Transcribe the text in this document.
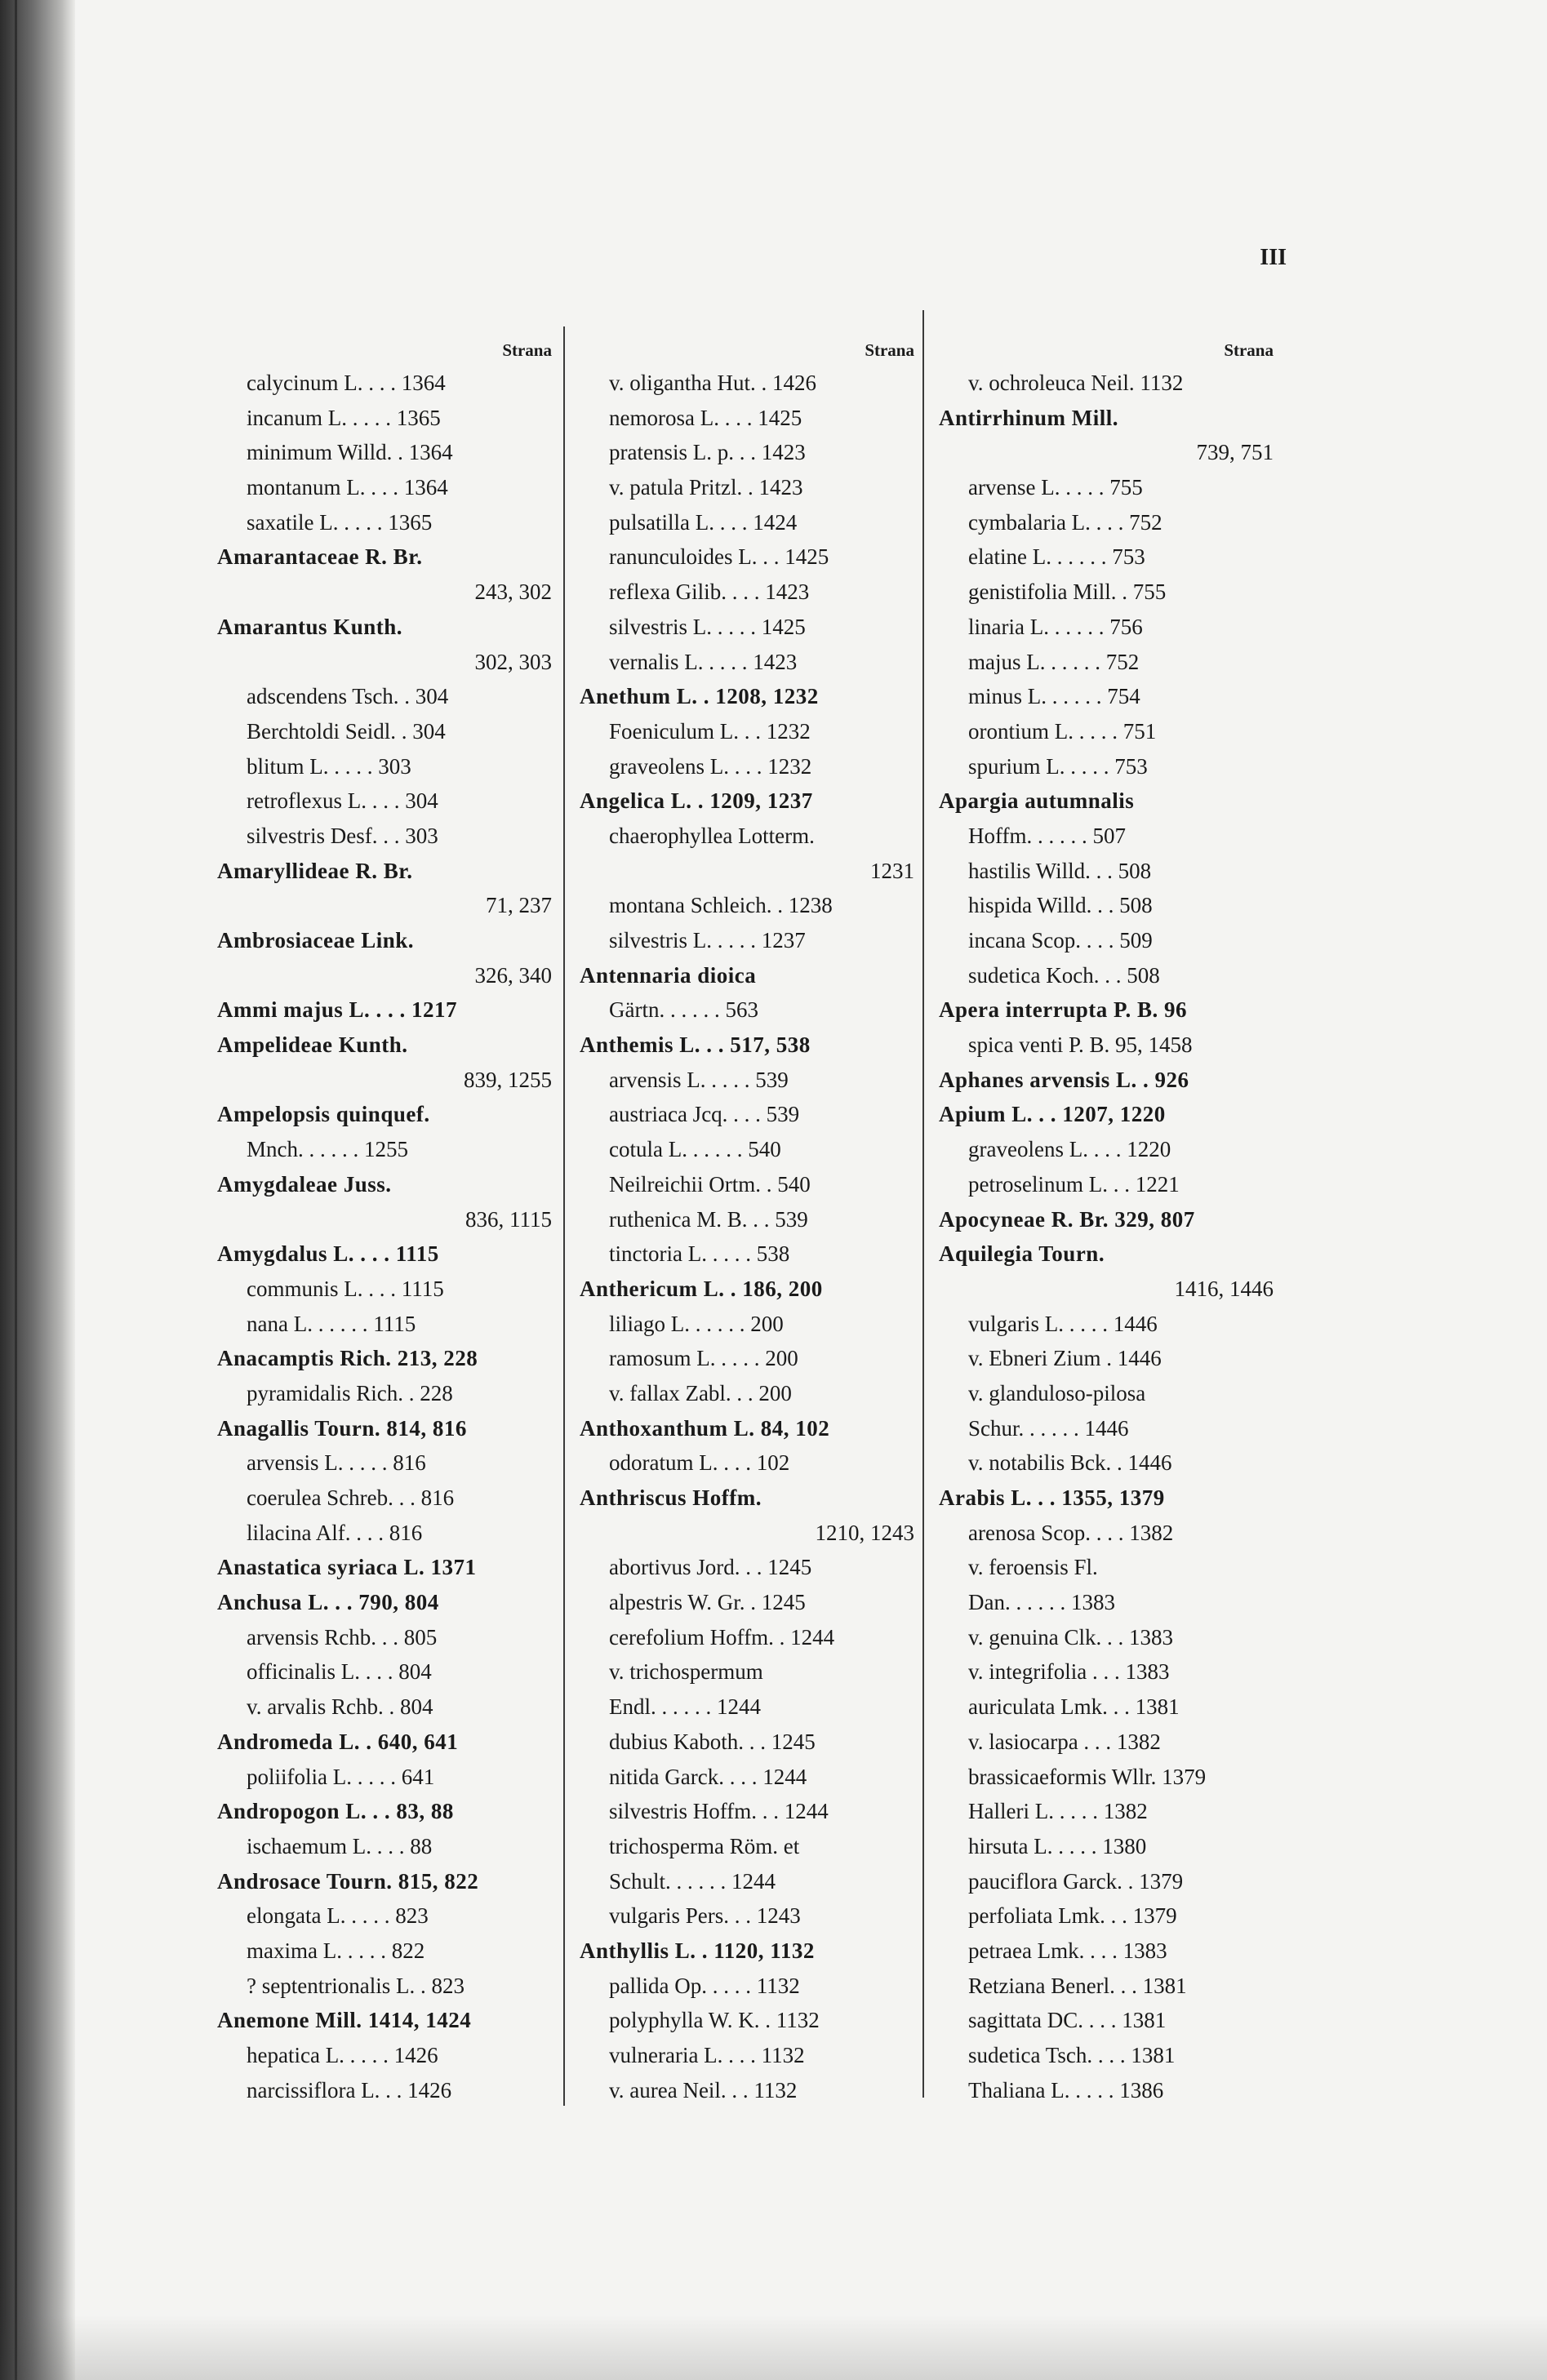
III
Strana
calycinum L. . . . 1364
incanum L. . . . . 1365
minimum Willd. . 1364
montanum L. . . . 1364
saxatile L. . . . . 1365
Amarantaceae R. Br.
243, 302
Amarantus Kunth.
302, 303
adscendens Tsch. . 304
Berchtoldi Seidl. . 304
blitum L. . . . . 303
retroflexus L. . . . 304
silvestris Desf. . . 303
Amaryllideae R. Br.
71, 237
Ambrosiaceae Link.
326, 340
Ammi majus L. . . . 1217
Ampelideae Kunth.
839, 1255
Ampelopsis quinquef.
Mnch. . . . . . 1255
Amygdaleae Juss.
836, 1115
Amygdalus L. . . . 1115
communis L. . . . 1115
nana L. . . . . . 1115
Anacamptis Rich. 213, 228
pyramidalis Rich. . 228
Anagallis Tourn. 814, 816
arvensis L. . . . . 816
coerulea Schreb. . . 816
lilacina Alf. . . . 816
Anastatica syriaca L. 1371
Anchusa L. . . 790, 804
arvensis Rchb. . . 805
officinalis L. . . . 804
v. arvalis Rchb. . 804
Andromeda L. . 640, 641
poliifolia L. . . . . 641
Andropogon L. . . 83, 88
ischaemum L. . . . 88
Androsace Tourn. 815, 822
elongata L. . . . . 823
maxima L. . . . . 822
? septentrionalis L. . 823
Anemone Mill. 1414, 1424
hepatica L. . . . . 1426
narcissiflora L. . . 1426
Strana
v. oligantha Hut. . 1426
nemorosa L. . . . 1425
pratensis L. p. . . 1423
v. patula Pritzl. . 1423
pulsatilla L. . . . 1424
ranunculoides L. . . 1425
reflexa Gilib. . . . 1423
silvestris L. . . . . 1425
vernalis L. . . . . 1423
Anethum L. . 1208, 1232
Foeniculum L. . . 1232
graveolens L. . . . 1232
Angelica L. . 1209, 1237
chaerophyllea Lotterm.
1231
montana Schleich. . 1238
silvestris L. . . . . 1237
Antennaria dioica
Gärtn. . . . . . 563
Anthemis L. . . 517, 538
arvensis L. . . . . 539
austriaca Jcq. . . . 539
cotula L. . . . . . 540
Neilreichii Ortm. . 540
ruthenica M. B. . . 539
tinctoria L. . . . . 538
Anthericum L. . 186, 200
liliago L. . . . . . 200
ramosum L. . . . . 200
v. fallax Zabl. . . 200
Anthoxanthum L. 84, 102
odoratum L. . . . 102
Anthriscus Hoffm.
1210, 1243
abortivus Jord. . . 1245
alpestris W. Gr. . 1245
cerefolium Hoffm. . 1244
v. trichospermum
Endl. . . . . . 1244
dubius Kaboth. . . 1245
nitida Garck. . . . 1244
silvestris Hoffm. . . 1244
trichosperma Röm. et
Schult. . . . . . 1244
vulgaris Pers. . . 1243
Anthyllis L. . 1120, 1132
pallida Op. . . . . 1132
polyphylla W. K. . 1132
vulneraria L. . . . 1132
v. aurea Neil. . . 1132
Strana
v. ochroleuca Neil. 1132
Antirrhinum Mill.
739, 751
arvense L. . . . . 755
cymbalaria L. . . . 752
elatine L. . . . . . 753
genistifolia Mill. . 755
linaria L. . . . . . 756
majus L. . . . . . 752
minus L. . . . . . 754
orontium L. . . . . 751
spurium L. . . . . 753
Apargia autumnalis
Hoffm. . . . . . 507
hastilis Willd. . . 508
hispida Willd. . . 508
incana Scop. . . . 509
sudetica Koch. . . 508
Apera interrupta P. B. 96
spica venti P. B. 95, 1458
Aphanes arvensis L. . 926
Apium L. . . 1207, 1220
graveolens L. . . . 1220
petroselinum L. . . 1221
Apocyneae R. Br. 329, 807
Aquilegia Tourn.
1416, 1446
vulgaris L. . . . . 1446
v. Ebneri Zium . 1446
v. glanduloso-pilosa
Schur. . . . . . 1446
v. notabilis Bck. . 1446
Arabis L. . . 1355, 1379
arenosa Scop. . . . 1382
v. feroensis Fl.
Dan. . . . . . 1383
v. genuina Clk. . . 1383
v. integrifolia . . . 1383
auriculata Lmk. . . 1381
v. lasiocarpa . . . 1382
brassicaeformis Wllr. 1379
Halleri L. . . . . 1382
hirsuta L. . . . . 1380
pauciflora Garck. . 1379
perfoliata Lmk. . . 1379
petraea Lmk. . . . 1383
Retziana Benerl. . . 1381
sagittata DC. . . . 1381
sudetica Tsch. . . . 1381
Thaliana L. . . . . 1386
